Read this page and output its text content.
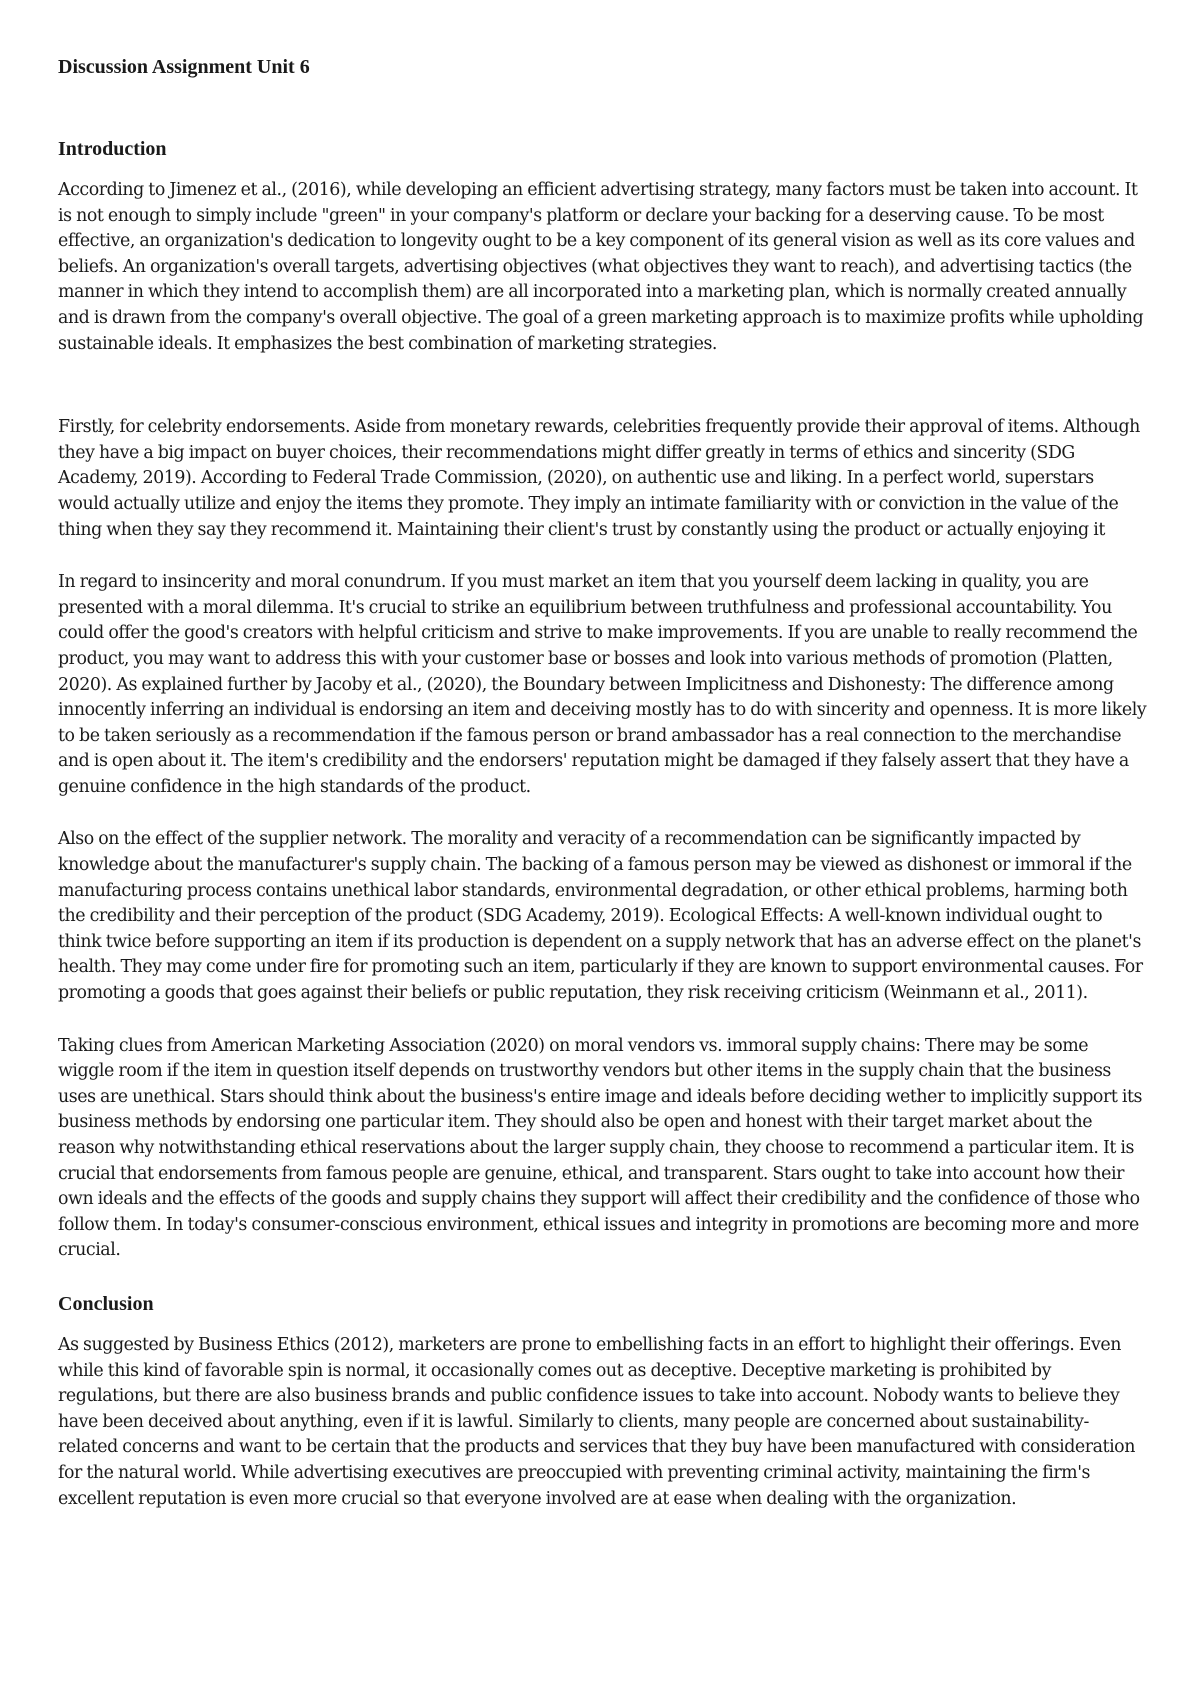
Discussion Assignment Unit 6
Introduction

According to Jimenez et al., (2016), while developing an efficient advertising strategy, many factors must be taken into account. It is not enough to simply include "green" in your company's platform or declare your backing for a deserving cause. To be most effective, an organization's dedication to longevity ought to be a key component of its general vision as well as its core values and beliefs. An organization's overall targets, advertising objectives (what objectives they want to reach), and advertising tactics (the manner in which they intend to accomplish them) are all incorporated into a marketing plan, which is normally created annually and is drawn from the company's overall objective. The goal of a green marketing approach is to maximize profits while upholding sustainable ideals. It emphasizes the best combination of marketing strategies.

Firstly, for celebrity endorsements. Aside from monetary rewards, celebrities frequently provide their approval of items. Although they have a big impact on buyer choices, their recommendations might differ greatly in terms of ethics and sincerity (SDG Academy, 2019). According to Federal Trade Commission, (2020), on authentic use and liking. In a perfect world, superstars would actually utilize and enjoy the items they promote. They imply an intimate familiarity with or conviction in the value of the thing when they say they recommend it. Maintaining their client's trust by constantly using the product or actually enjoying it

In regard to insincerity and moral conundrum. If you must market an item that you yourself deem lacking in quality, you are presented with a moral dilemma. It's crucial to strike an equilibrium between truthfulness and professional accountability. You could offer the good's creators with helpful criticism and strive to make improvements. If you are unable to really recommend the product, you may want to address this with your customer base or bosses and look into various methods of promotion (Platten, 2020). As explained further by Jacoby et al., (2020), the Boundary between Implicitness and Dishonesty: The difference among innocently inferring an individual is endorsing an item and deceiving mostly has to do with sincerity and openness. It is more likely to be taken seriously as a recommendation if the famous person or brand ambassador has a real connection to the merchandise and is open about it. The item's credibility and the endorsers' reputation might be damaged if they falsely assert that they have a genuine confidence in the high standards of the product.

Also on the effect of the supplier network. The morality and veracity of a recommendation can be significantly impacted by knowledge about the manufacturer's supply chain. The backing of a famous person may be viewed as dishonest or immoral if the manufacturing process contains unethical labor standards, environmental degradation, or other ethical problems, harming both the credibility and their perception of the product (SDG Academy, 2019). Ecological Effects: A well-known individual ought to think twice before supporting an item if its production is dependent on a supply network that has an adverse effect on the planet's health. They may come under fire for promoting such an item, particularly if they are known to support environmental causes. For promoting a goods that goes against their beliefs or public reputation, they risk receiving criticism (Weinmann et al., 2011).

Taking clues from American Marketing Association (2020) on moral vendors vs. immoral supply chains: There may be some wiggle room if the item in question itself depends on trustworthy vendors but other items in the supply chain that the business uses are unethical. Stars should think about the business's entire image and ideals before deciding wether to implicitly support its business methods by endorsing one particular item. They should also be open and honest with their target market about the reason why notwithstanding ethical reservations about the larger supply chain, they choose to recommend a particular item. It is crucial that endorsements from famous people are genuine, ethical, and transparent. Stars ought to take into account how their own ideals and the effects of the goods and supply chains they support will affect their credibility and the confidence of those who follow them. In today's consumer-conscious environment, ethical issues and integrity in promotions are becoming more and more crucial.

Conclusion

As suggested by Business Ethics (2012), marketers are prone to embellishing facts in an effort to highlight their offerings. Even while this kind of favorable spin is normal, it occasionally comes out as deceptive. Deceptive marketing is prohibited by regulations, but there are also business brands and public confidence issues to take into account. Nobody wants to believe they have been deceived about anything, even if it is lawful. Similarly to clients, many people are concerned about sustainability-related concerns and want to be certain that the products and services that they buy have been manufactured with consideration for the natural world. While advertising executives are preoccupied with preventing criminal activity, maintaining the firm's excellent reputation is even more crucial so that everyone involved are at ease when dealing with the organization.
